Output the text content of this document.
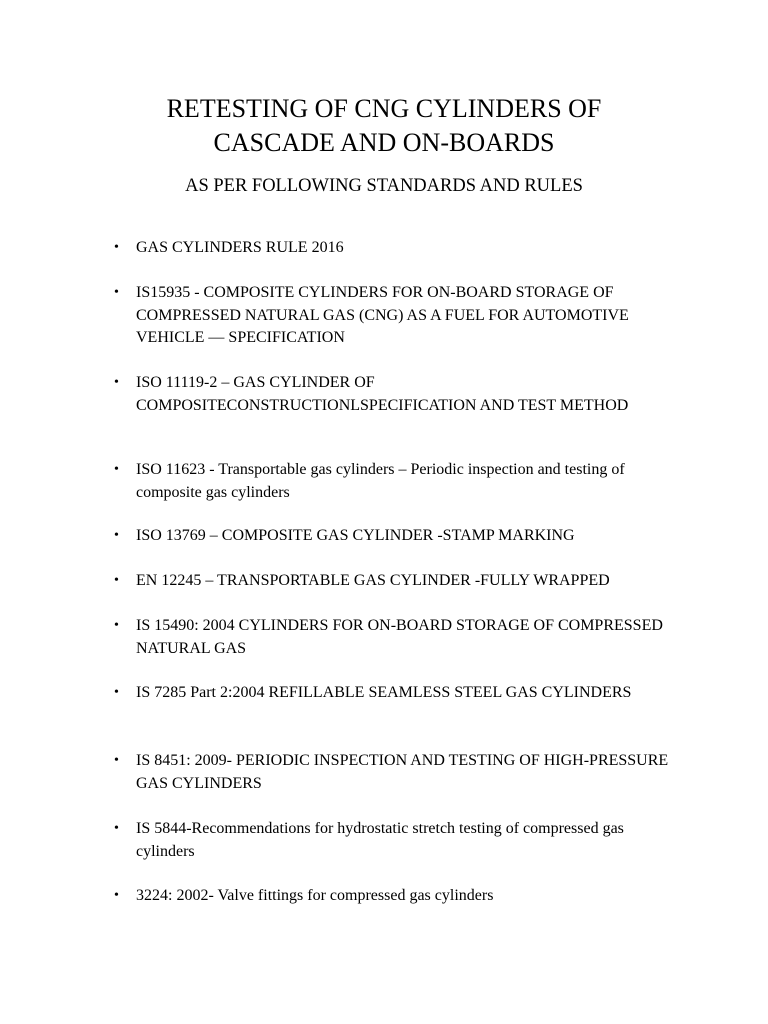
RETESTING OF CNG CYLINDERS OF
CASCADE AND ON-BOARDS
AS PER FOLLOWING STANDARDS AND RULES
• GAS CYLINDERS RULE 2016
• IS15935 - COMPOSITE CYLINDERS FOR ON-BOARD STORAGE OF COMPRESSED NATURAL GAS (CNG) AS A FUEL FOR AUTOMOTIVE VEHICLE — SPECIFICATION
• ISO 11119-2 – GAS CYLINDER OF COMPOSITECONSTRUCTIONLSPECIFICATION AND TEST METHOD
• ISO 11623 - Transportable gas cylinders – Periodic inspection and testing of composite gas cylinders
• ISO 13769 – COMPOSITE GAS CYLINDER -STAMP MARKING
• EN 12245 – TRANSPORTABLE GAS CYLINDER -FULLY WRAPPED
• IS 15490: 2004 CYLINDERS FOR ON-BOARD STORAGE OF COMPRESSED NATURAL GAS
• IS 7285 Part 2:2004 REFILLABLE SEAMLESS STEEL GAS CYLINDERS
• IS 8451: 2009- PERIODIC INSPECTION AND TESTING OF HIGH-PRESSURE GAS CYLINDERS
• IS 5844-Recommendations for hydrostatic stretch testing of compressed gas cylinders
• 3224: 2002- Valve fittings for compressed gas cylinders
